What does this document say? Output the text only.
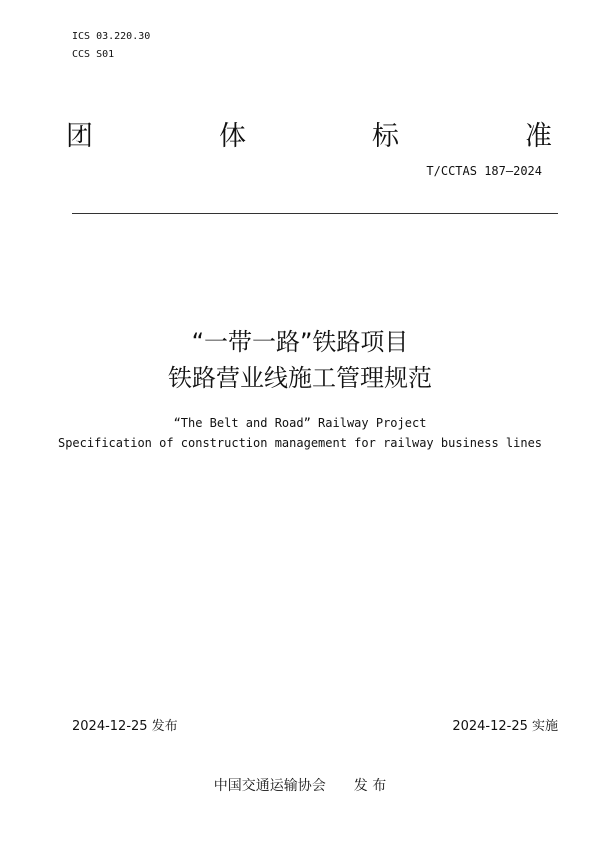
ICS 03.220.30
CCS S01
团	体	标	准
T/CCTAS 187—2024
“一带一路”铁路项目
铁路营业线施工管理规范
“The Belt and Road” Railway Project
Specification of construction management for railway business lines
2024-12-25 发布	2024-12-25 实施
中国交通运输协会 发 布
